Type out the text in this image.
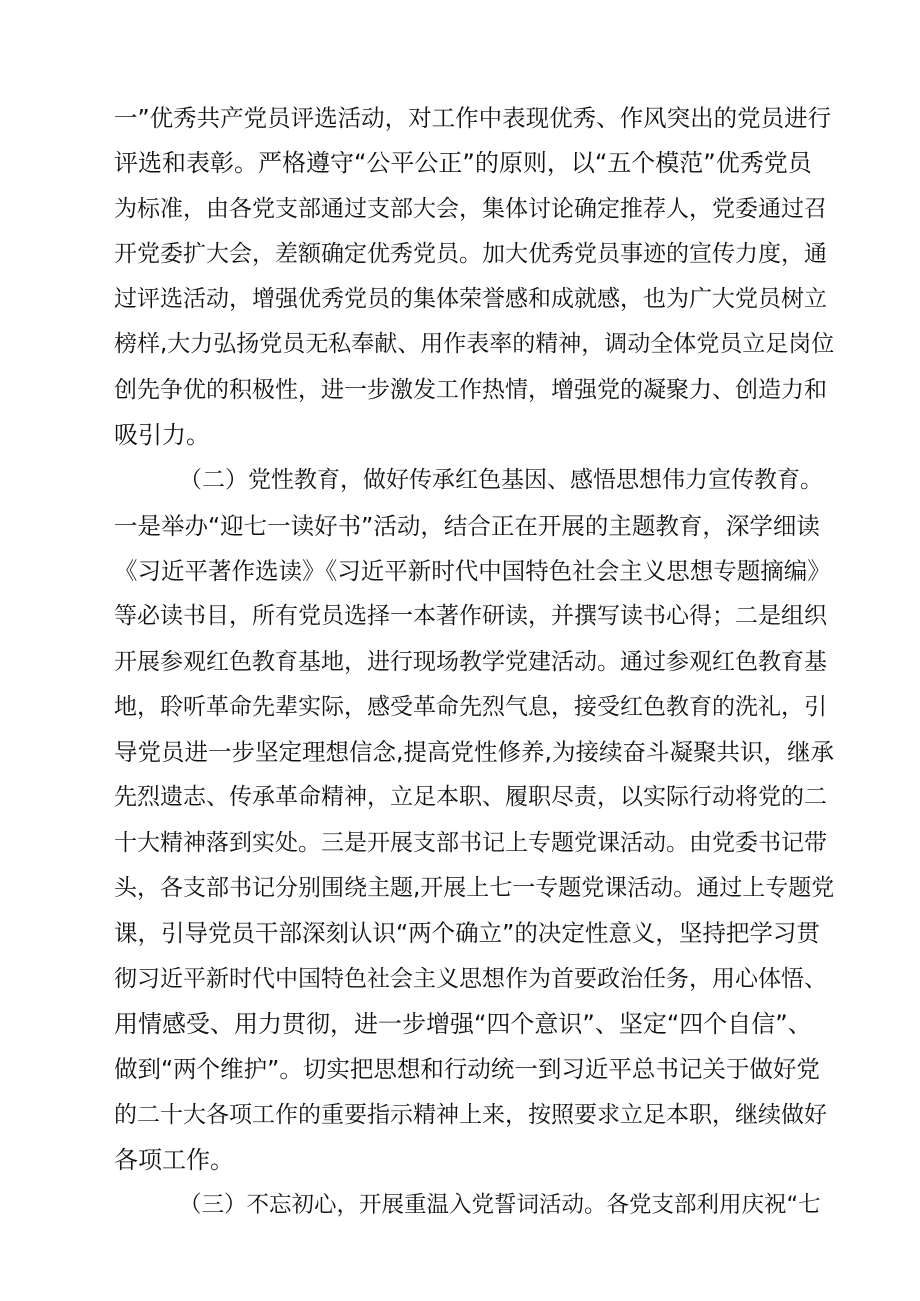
一”优秀共产党员评选活动，对工作中表现优秀、作风突出的党员进行
评选和表彰。严格遵守“公平公正”的原则，以“五个模范”优秀党员
为标准，由各党支部通过支部大会，集体讨论确定推荐人，党委通过召
开党委扩大会，差额确定优秀党员。加大优秀党员事迹的宣传力度，通
过评选活动，增强优秀党员的集体荣誉感和成就感，也为广大党员树立
榜样,大力弘扬党员无私奉献、用作表率的精神，调动全体党员立足岗位
创先争优的积极性，进一步激发工作热情，增强党的凝聚力、创造力和
吸引力。
（二）党性教育，做好传承红色基因、感悟思想伟力宣传教育。
一是举办“迎七一读好书”活动，结合正在开展的主题教育，深学细读
《习近平著作选读》《习近平新时代中国特色社会主义思想专题摘编》
等必读书目，所有党员选择一本著作研读，并撰写读书心得；二是组织
开展参观红色教育基地，进行现场教学党建活动。通过参观红色教育基
地，聆听革命先辈实际，感受革命先烈气息，接受红色教育的洗礼，引
导党员进一步坚定理想信念,提高党性修养,为接续奋斗凝聚共识，继承
先烈遗志、传承革命精神，立足本职、履职尽责，以实际行动将党的二
十大精神落到实处。三是开展支部书记上专题党课活动。由党委书记带
头，各支部书记分别围绕主题,开展上七一专题党课活动。通过上专题党
课，引导党员干部深刻认识“两个确立”的决定性意义，坚持把学习贯
彻习近平新时代中国特色社会主义思想作为首要政治任务，用心体悟、
用情感受、用力贯彻，进一步增强“四个意识”、坚定“四个自信”、
做到“两个维护”。切实把思想和行动统一到习近平总书记关于做好党
的二十大各项工作的重要指示精神上来，按照要求立足本职，继续做好
各项工作。
（三）不忘初心，开展重温入党誓词活动。各党支部利用庆祝“七
